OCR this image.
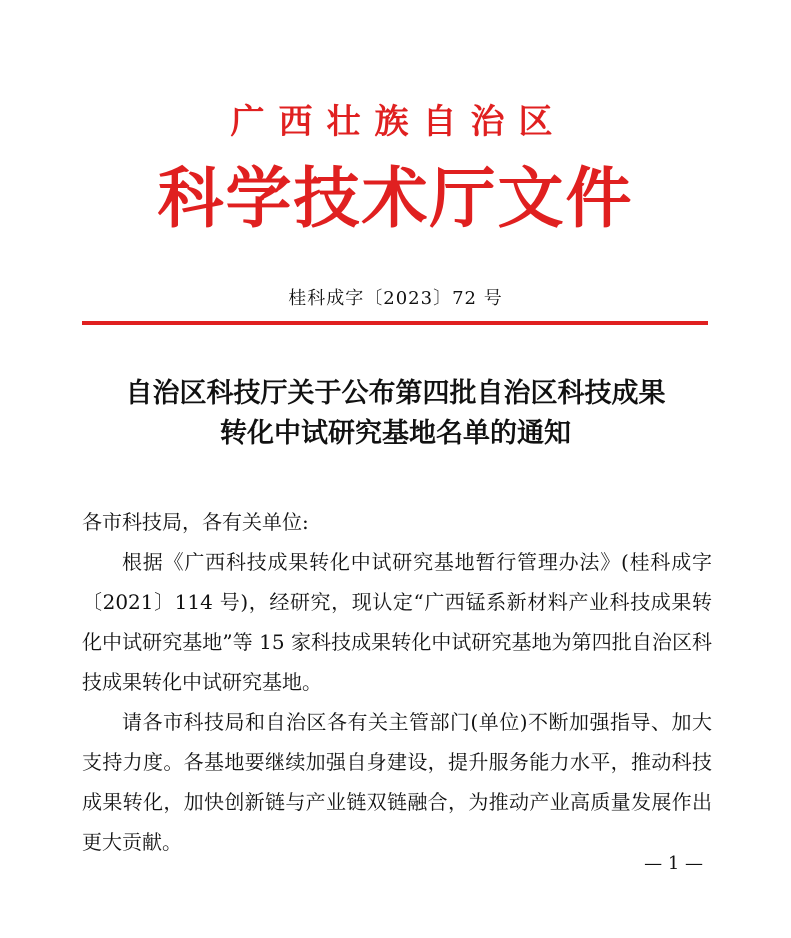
广西壮族自治区
科学技术厅文件
桂科成字〔2023〕72 号
自治区科技厅关于公布第四批自治区科技成果
转化中试研究基地名单的通知

各市科技局，各有关单位:

根据《广西科技成果转化中试研究基地暂行管理办法》(桂科成字〔2021〕114 号)，经研究，现认定“广西锰系新材料产业科技成果转化中试研究基地”等 15 家科技成果转化中试研究基地为第四批自治区科技成果转化中试研究基地。

请各市科技局和自治区各有关主管部门(单位)不断加强指导、加大支持力度。各基地要继续加强自身建设，提升服务能力水平，推动科技成果转化，加快创新链与产业链双链融合，为推动产业高质量发展作出更大贡献。

— 1 —
